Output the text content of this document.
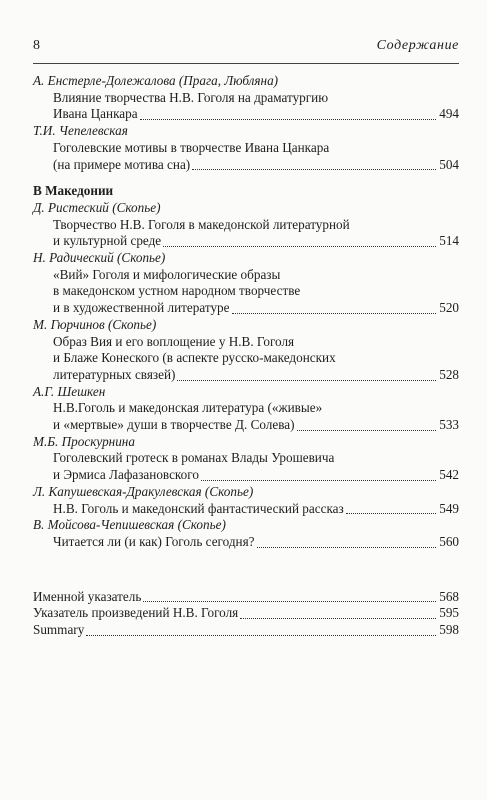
8	Содержание

А. Енстерле-Долежалова (Прага, Любляна)

Влияние творчества Н.В. Гоголя на драматургию
Ивана Цанкара	494

Т.И. Чепелевская

Гоголевские мотивы в творчестве Ивана Цанкара
(на примере мотива сна)	504

В Македонии

Д. Ристеский (Скопье)

Творчество Н.В. Гоголя в македонской литературной
и культурной среде	514

Н. Радический (Скопье)

«Вий» Гоголя и мифологические образы
в македонском устном народном творчестве
и в художественной литературе	520

М. Гюрчинов (Скопье)

Образ Вия и его воплощение у Н.В. Гоголя
и Блаже Конеского (в аспекте русско-македонских
литературных связей)	528

А.Г. Шешкен

Н.В.Гоголь и македонская литература («живые»
и «мертвые» души в творчестве Д. Солева)	533

М.Б. Проскурнина

Гоголевский гротеск в романах Влады Урошевича
и Эрмиса Лафазановского	542

Л. Капушевская-Дракулевская (Скопье)

Н.В. Гоголь и македонский фантастический рассказ	549

В. Мойсова-Чепишевская (Скопье)

Читается ли (и как) Гоголь сегодня?	560
Именной указатель	568
Указатель произведений Н.В. Гоголя	595
Summary	598
